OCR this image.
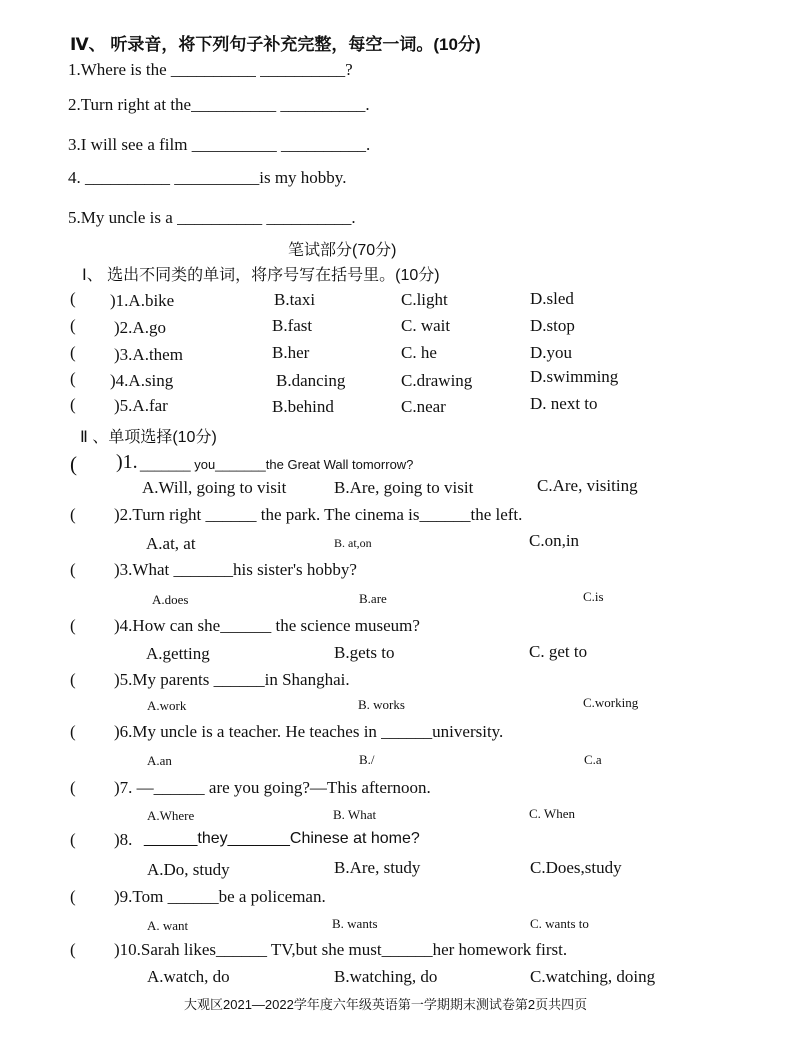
Ⅳ、 听录音，将下列句子补充完整，每空一词。(10分)
1.Where is the __________ __________?
2.Turn right at the__________ __________.
3.I will see a film __________ __________.
4. __________ __________is my hobby.
5.My uncle is a __________ __________.
笔试部分(70分)
Ⅰ、 选出不同类的单词，将序号写在括号里。(10分)
( )1.A.bike	B.taxi	C.light	D.sled
( )2.A.go	B.fast	C. wait	D.stop
( )3.A.them	B.her	C. he	D.you
( )4.A.sing	B.dancing	C.drawing	D.swimming
( )5.A.far	B.behind	C.near	D. next to
Ⅱ 、单项选择(10分)
( )1. _______ you_______the Great Wall tomorrow?
A.Will, going to visit	B.Are, going to visit	C.Are, visiting
( )2.Turn right ______ the park. The cinema is______the left.
A.at, at	B. at,on	C.on,in
( )3.What _______his sister's hobby?
A.does	B.are	C.is
( )4.How can she______ the science museum?
A.getting	B.gets to	C. get to
( )5.My parents ______in Shanghai.
A.work	B. works	C.working
( )6.My uncle is a teacher. He teaches in ______university.
A.an	B./	C.a
( )7. —______ are you going?—This afternoon.
A.Where	B. What	C. When
( )8. ______they_______Chinese at home?
A.Do, study	B.Are, study	C.Does,study
( )9.Tom ______be a policeman.
A. want	B. wants	C. wants to
( )10.Sarah likes______ TV,but she must______her homework first.
A.watch, do	B.watching, do	C.watching, doing
大观区2021—2022学年度六年级英语第一学期期末测试卷第2页共四页
